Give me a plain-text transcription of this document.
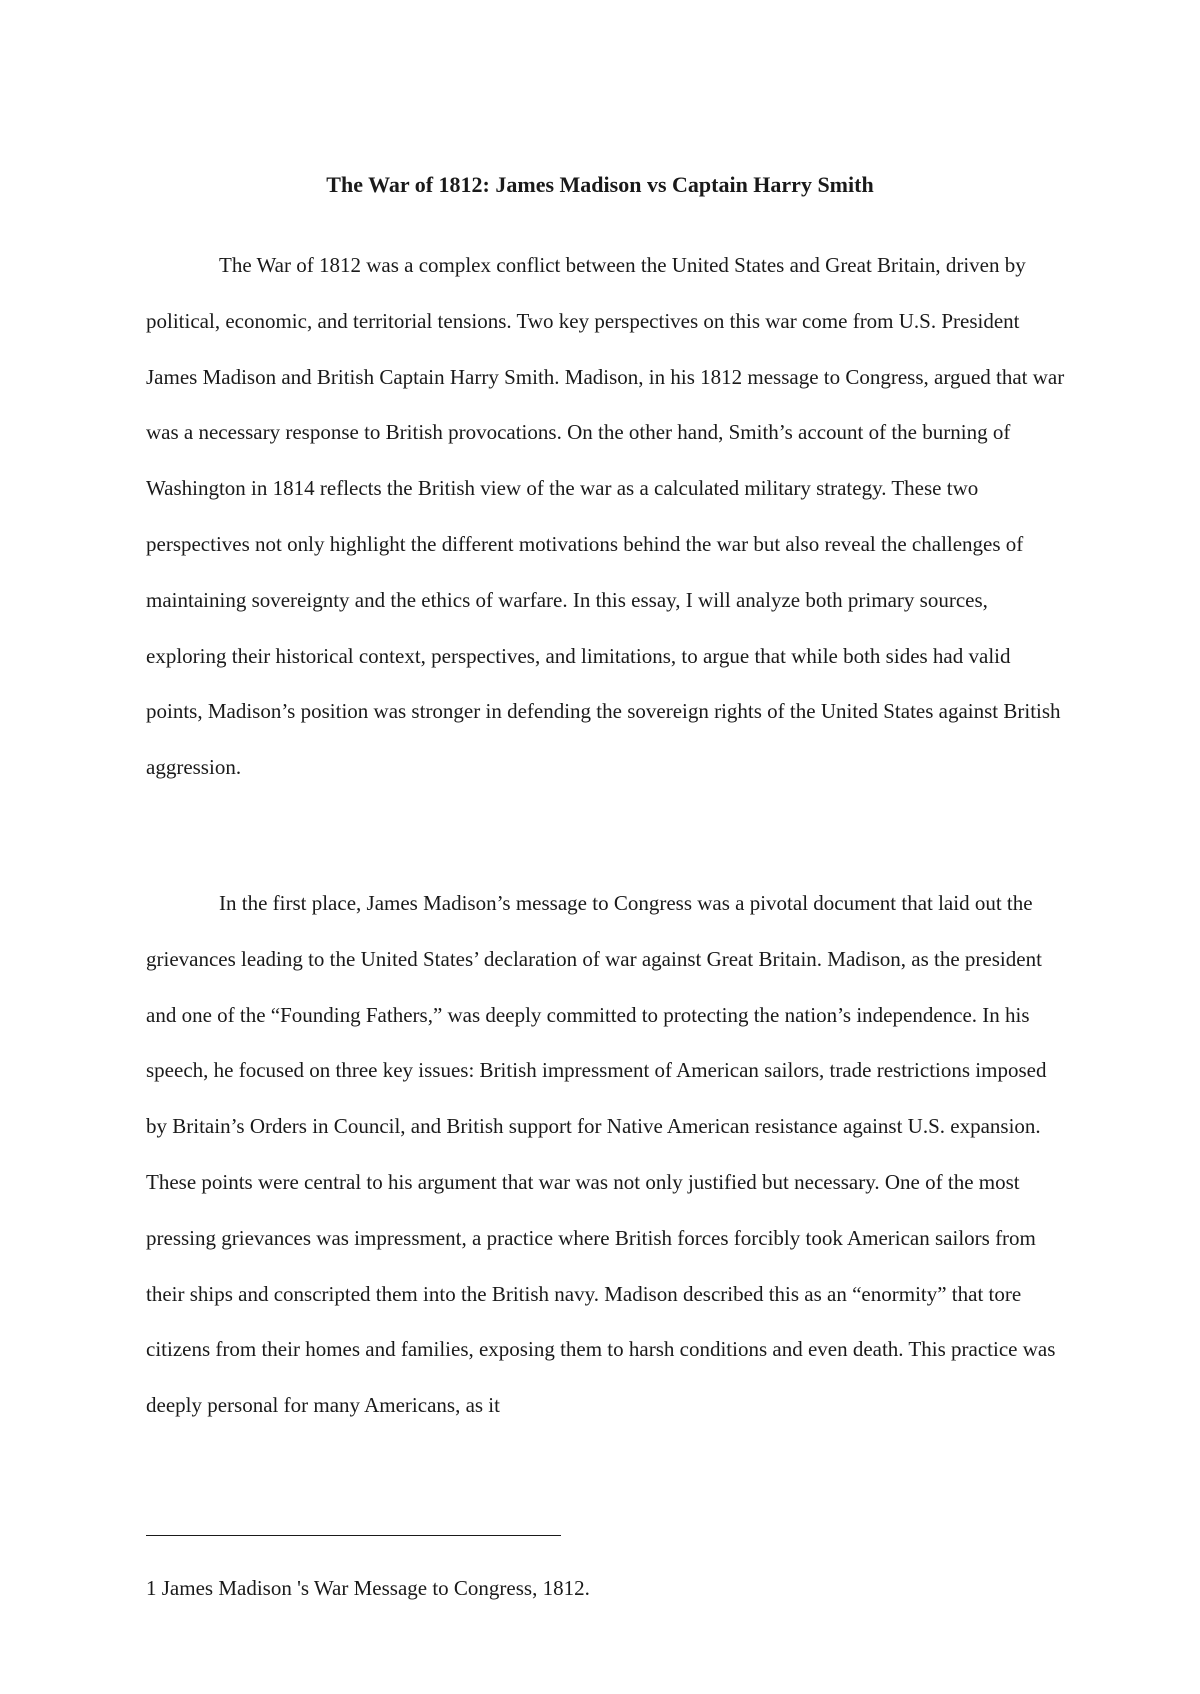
The War of 1812: James Madison vs Captain Harry Smith

The War of 1812 was a complex conflict between the United States and Great Britain, driven by political, economic, and territorial tensions. Two key perspectives on this war come from U.S. President James Madison and British Captain Harry Smith. Madison, in his 1812 message to Congress, argued that war was a necessary response to British provocations. On the other hand, Smith’s account of the burning of Washington in 1814 reflects the British view of the war as a calculated military strategy. These two perspectives not only highlight the different motivations behind the war but also reveal the challenges of maintaining sovereignty and the ethics of warfare. In this essay, I will analyze both primary sources, exploring their historical context, perspectives, and limitations, to argue that while both sides had valid points, Madison’s position was stronger in defending the sovereign rights of the United States against British aggression.

In the first place, James Madison’s message to Congress was a pivotal document that laid out the grievances leading to the United States’ declaration of war against Great Britain. Madison, as the president and one of the “Founding Fathers,” was deeply committed to protecting the nation’s independence. In his speech, he focused on three key issues: British impressment of American sailors, trade restrictions imposed by Britain’s Orders in Council, and British support for Native American resistance against U.S. expansion. These points were central to his argument that war was not only justified but necessary. One of the most pressing grievances was impressment, a practice where British forces forcibly took American sailors from their ships and conscripted them into the British navy. Madison described this as an “enormity” that tore citizens from their homes and families, exposing them to harsh conditions and even death. This practice was deeply personal for many Americans, as it

1 James Madison 's War Message to Congress, 1812.
